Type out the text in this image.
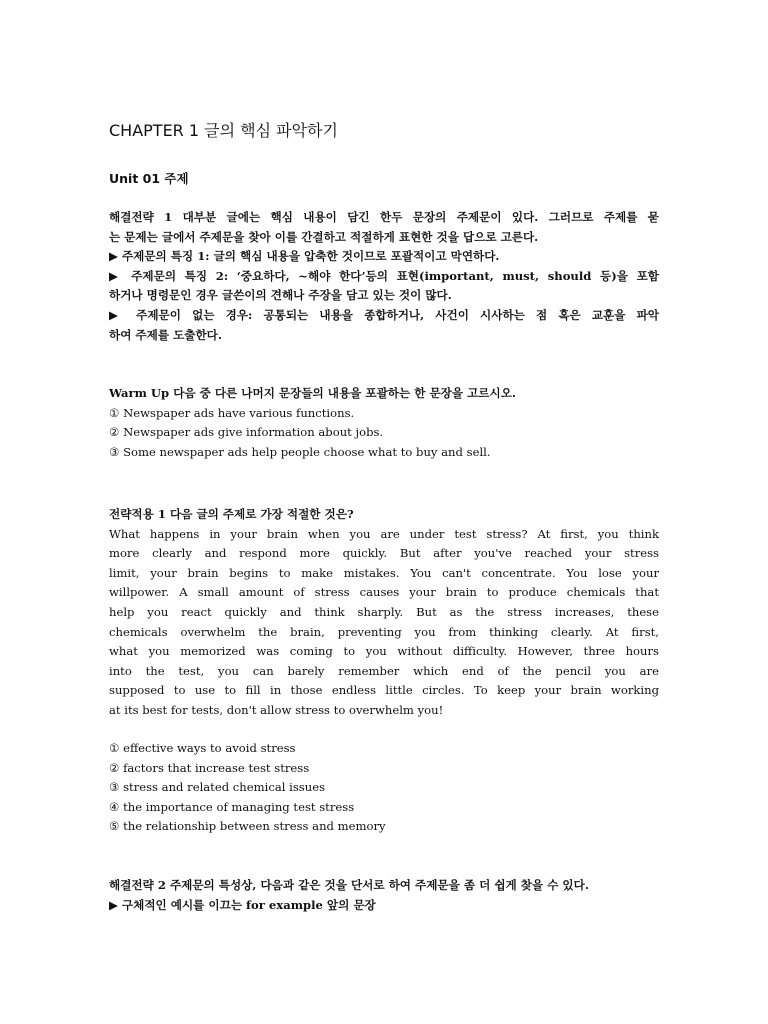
CHAPTER 1 글의 핵심 파악하기
Unit 01 주제
해결전략 1 대부분 글에는 핵심 내용이 담긴 한두 문장의 주제문이 있다. 그러므로 주제를 묻
는 문제는 글에서 주제문을 찾아 이를 간결하고 적절하게 표현한 것을 답으로 고른다.
▶ 주제문의 특징 1: 글의 핵심 내용을 압축한 것이므로 포괄적이고 막연하다.
▶ 주제문의 특징 2: ‘중요하다, ~해야 한다’등의 표현(important, must, should 등)을 포함
하거나 명령문인 경우 글쓴이의 견해나 주장을 담고 있는 것이 많다.
▶ 주제문이 없는 경우: 공통되는 내용을 종합하거나, 사건이 시사하는 점 혹은 교훈을 파악
하여 주제를 도출한다.
Warm Up 다음 중 다른 나머지 문장들의 내용을 포괄하는 한 문장을 고르시오.
① Newspaper ads have various functions.
② Newspaper ads give information about jobs.
③ Some newspaper ads help people choose what to buy and sell.
전략적용 1 다음 글의 주제로 가장 적절한 것은?
What happens in your brain when you are under test stress? At first, you think
more clearly and respond more quickly. But after you've reached your stress
limit, your brain begins to make mistakes. You can't concentrate. You lose your
willpower. A small amount of stress causes your brain to produce chemicals that
help you react quickly and think sharply. But as the stress increases, these
chemicals overwhelm the brain, preventing you from thinking clearly. At first,
what you memorized was coming to you without difficulty. However, three hours
into the test, you can barely remember which end of the pencil you are
supposed to use to fill in those endless little circles. To keep your brain working
at its best for tests, don't allow stress to overwhelm you!
① effective ways to avoid stress
② factors that increase test stress
③ stress and related chemical issues
④ the importance of managing test stress
⑤ the relationship between stress and memory
해결전략 2 주제문의 특성상, 다음과 같은 것을 단서로 하여 주제문을 좀 더 쉽게 찾을 수 있다.
▶ 구체적인 예시를 이끄는 for example 앞의 문장
